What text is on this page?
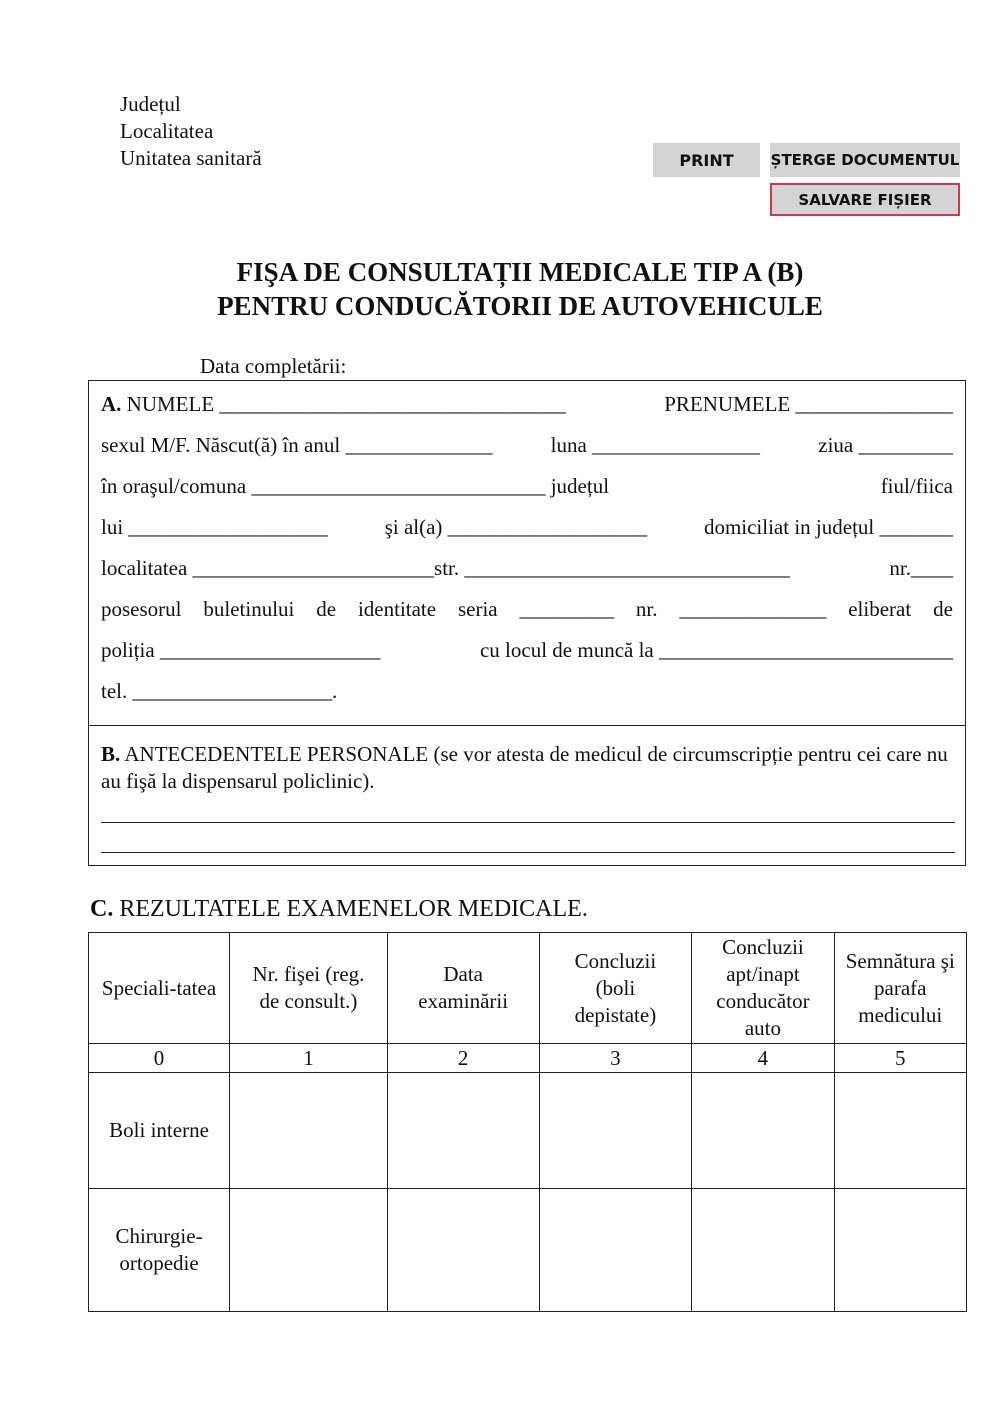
Județul
Localitatea
Unitatea sanitară	PRINT	ȘTERGE DOCUMENTUL
SALVARE FIȘIER
FIŞA DE CONSULTAȚII MEDICALE TIP A (B)
PENTRU CONDUCĂTORII DE AUTOVEHICULE
Data completării:
A. NUMELE _________________________________	PRENUMELE _______________
sexul M/F. Născut(ă) în anul ______________	luna ________________	ziua _________
în oraşul/comuna ____________________________ județul	fiul/fiica
lui ___________________	şi al(a) ___________________	domiciliat in județul _______
localitatea _______________________str. _______________________________	nr.____
posesorul buletinului de identitate seria _________ nr. ______________ eliberat de
poliția _____________________	cu locul de muncă la ____________________________
tel. ___________________.
B. ANTECEDENTELE PERSONALE (se vor atesta de medicul de circumscripție pentru cei care nu au fişă la dispensarul policlinic).
C. REZULTATELE EXAMENELOR MEDICALE.
Speciali-tatea	Nr. fişei (reg. de consult.)	Data examinării	Concluzii (boli depistate)	Concluzii apt/inapt conducător auto	Semnătura şi parafa medicului
0	1	2	3	4	5
Boli interne					
Chirurgie-ortopedie					
